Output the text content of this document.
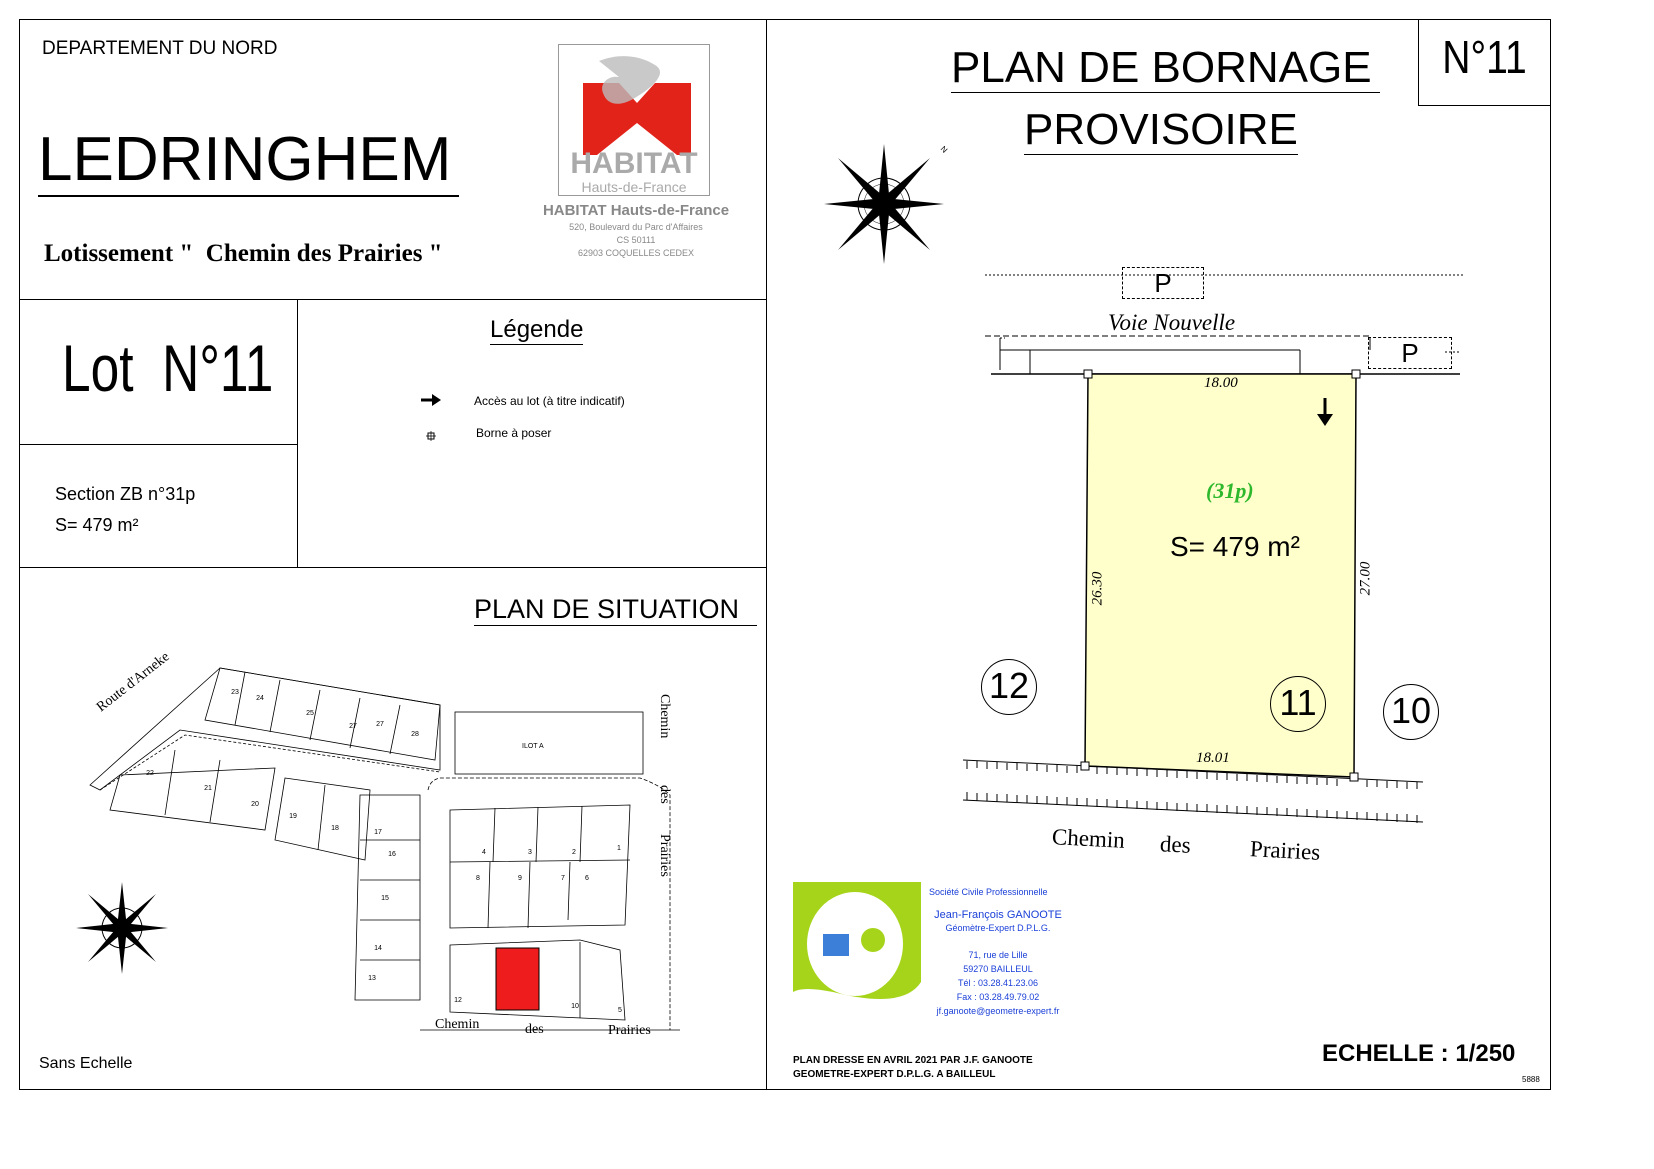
DEPARTEMENT DU NORD
LEDRINGHEM
Lotissement "  Chemin des Prairies "
HABITAT
Hauts-de-France
HABITAT Hauts-de-France
520, Boulevard du Parc d'Affaires
CS 50111
62903 COQUELLES CEDEX
Lot  N°11
Section ZB n°31p
S= 479 m²
Légende
Accès au lot (à titre indicatif)
Borne à poser
PLAN DE SITUATION
ILOT A
23
24
25
27	27
28
22
21
20
19
18
17
16
15
14
13
4	3	2
1
8	9	7	6
12
10
5
Route d'Arneke
Chemin
des
Prairies
Chemin	des	Prairies
Sans Echelle
PLAN DE BORNAGE
PROVISOIRE
N°11
N
P
P
Voie Nouvelle
18.00
18.01
26.30	27.00
(31p)
S= 479 m²
12	11 10
Chemin des	Prairies
Société Civile Professionnelle
Jean-François GANOOTE
Géomètre-Expert D.P.L.G.
71, rue de Lille
59270 BAILLEUL
Tél : 03.28.41.23.06
Fax : 03.28.49.79.02
jf.ganoote@geometre-expert.fr
PLAN DRESSE EN AVRIL 2021 PAR J.F. GANOOTE
GEOMETRE-EXPERT D.P.L.G. A BAILLEUL
ECHELLE : 1/250
5888
